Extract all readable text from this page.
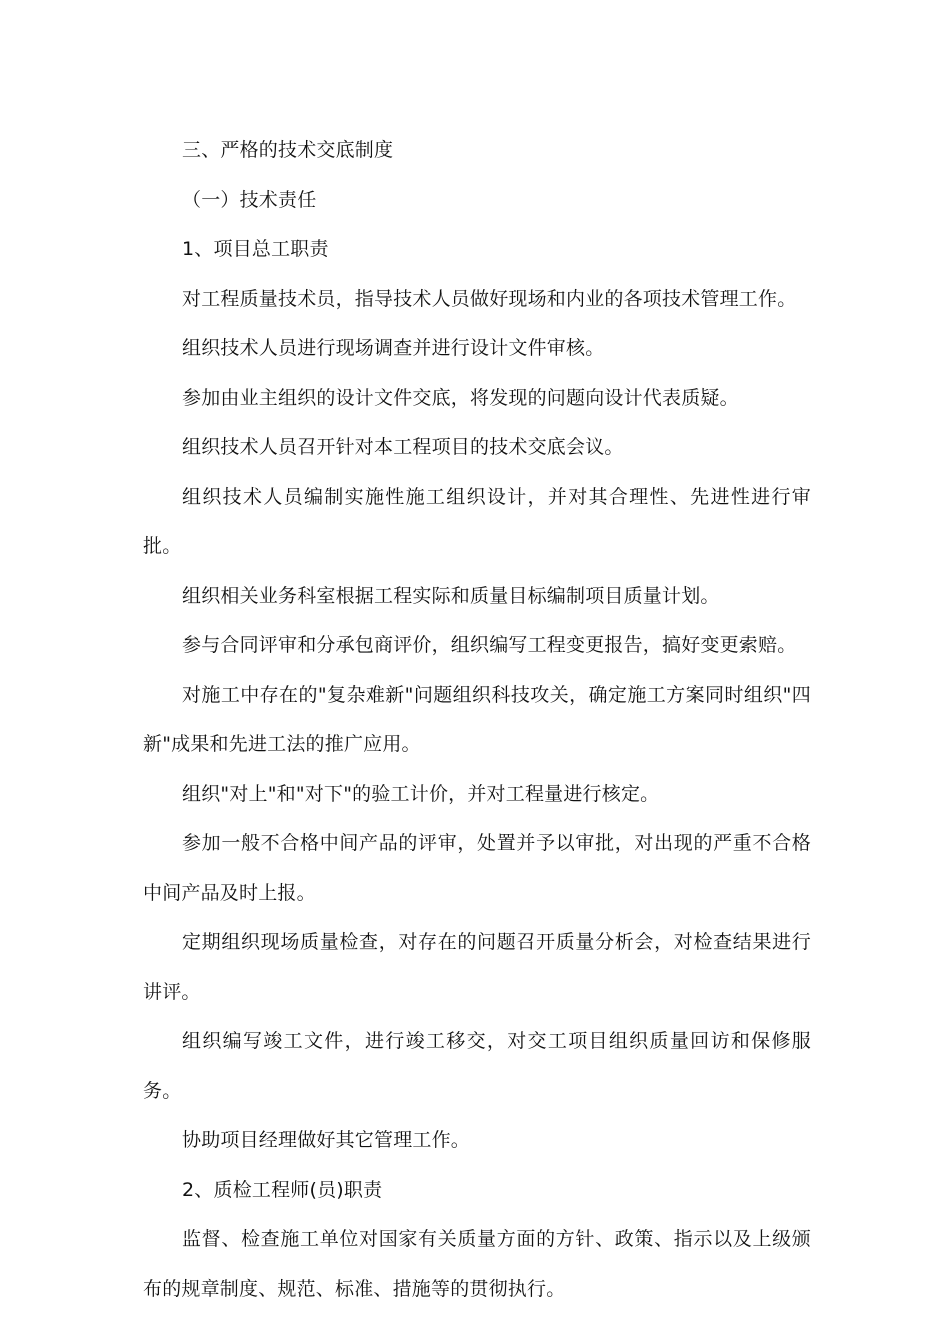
三、严格的技术交底制度

（一）技术责任

1、项目总工职责

对工程质量技术员，指导技术人员做好现场和内业的各项技术管理工作。

组织技术人员进行现场调查并进行设计文件审核。

参加由业主组织的设计文件交底，将发现的问题向设计代表质疑。

组织技术人员召开针对本工程项目的技术交底会议。

组织技术人员编制实施性施工组织设计，并对其合理性、先进性进行审批。

组织相关业务科室根据工程实际和质量目标编制项目质量计划。

参与合同评审和分承包商评价，组织编写工程变更报告，搞好变更索赔。

对施工中存在的"复杂难新"问题组织科技攻关，确定施工方案同时组织"四新"成果和先进工法的推广应用。

组织"对上"和"对下"的验工计价，并对工程量进行核定。

参加一般不合格中间产品的评审，处置并予以审批，对出现的严重不合格中间产品及时上报。

定期组织现场质量检查，对存在的问题召开质量分析会，对检查结果进行讲评。

组织编写竣工文件，进行竣工移交，对交工项目组织质量回访和保修服务。

协助项目经理做好其它管理工作。

2、质检工程师(员)职责

监督、检查施工单位对国家有关质量方面的方针、政策、指示以及上级颁布的规章制度、规范、标准、措施等的贯彻执行。
